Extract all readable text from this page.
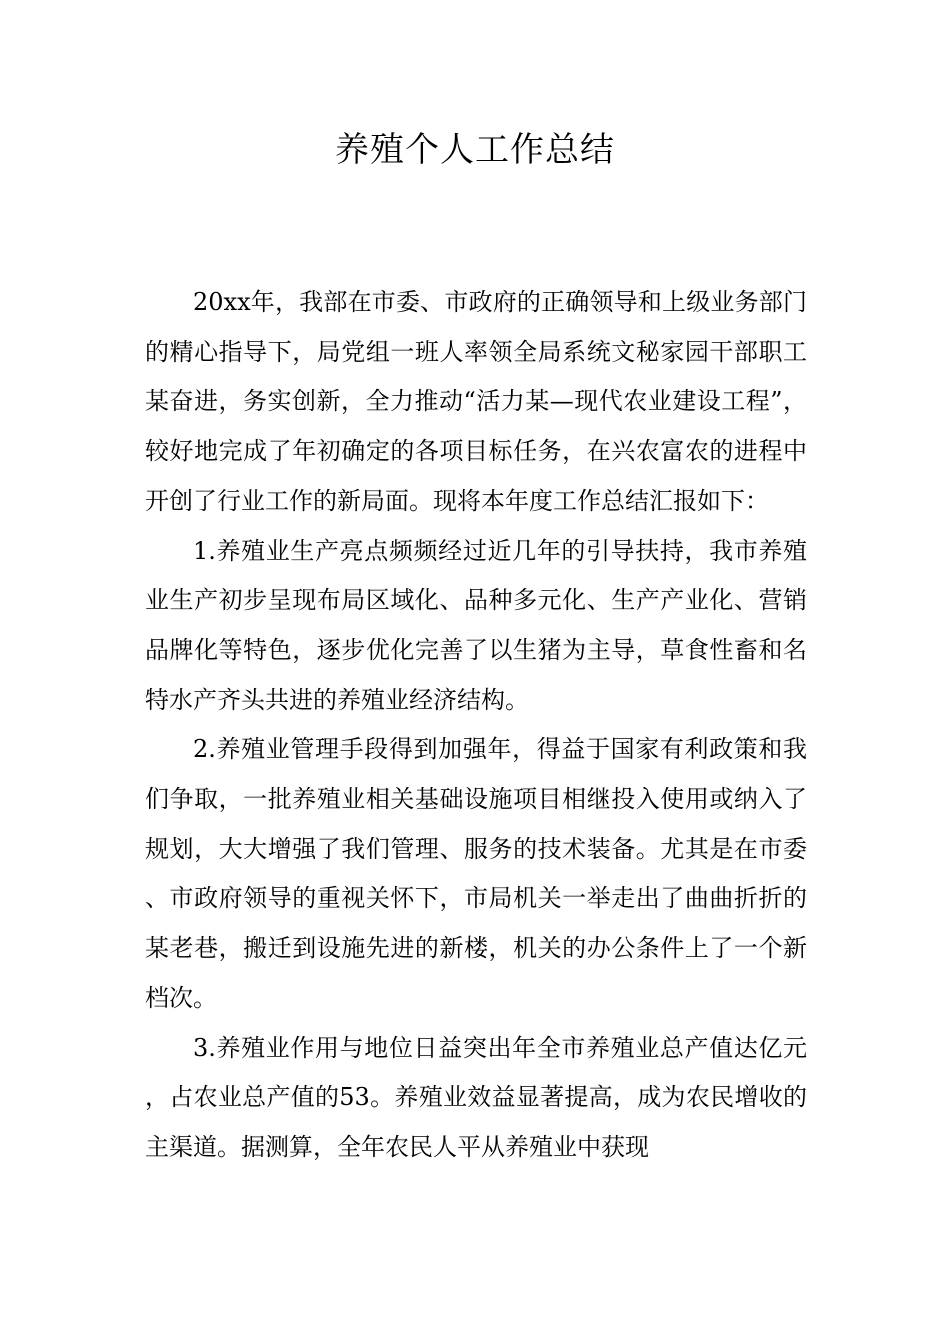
养殖个人工作总结

20xx年，我部在市委、市政府的正确领导和上级业务部门的精心指导下，局党组一班人率领全局系统文秘家园干部职工某奋进，务实创新，全力推动“活力某—现代农业建设工程”，较好地完成了年初确定的各项目标任务，在兴农富农的进程中开创了行业工作的新局面。现将本年度工作总结汇报如下：

1.养殖业生产亮点频频经过近几年的引导扶持，我市养殖业生产初步呈现布局区域化、品种多元化、生产产业化、营销品牌化等特色，逐步优化完善了以生猪为主导，草食性畜和名特水产齐头共进的养殖业经济结构。

2.养殖业管理手段得到加强年，得益于国家有利政策和我们争取，一批养殖业相关基础设施项目相继投入使用或纳入了规划，大大增强了我们管理、服务的技术装备。尤其是在市委、市政府领导的重视关怀下，市局机关一举走出了曲曲折折的某老巷，搬迁到设施先进的新楼，机关的办公条件上了一个新档次。

3.养殖业作用与地位日益突出年全市养殖业总产值达亿元，占农业总产值的53。养殖业效益显著提高，成为农民增收的主渠道。据测算，全年农民人平从养殖业中获现
